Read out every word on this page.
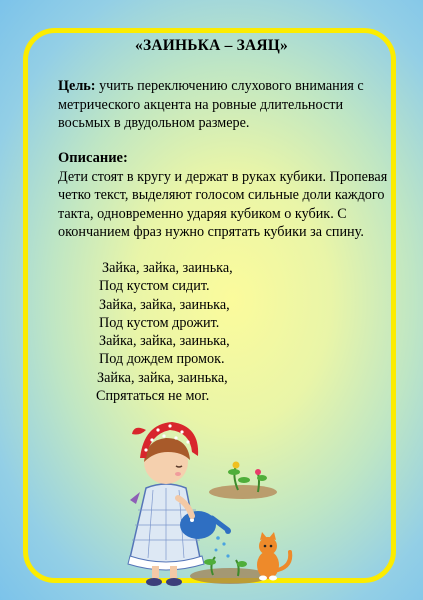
«ЗАИНЬКА – ЗАЯЦ»
Цель: учить переключению слухового внимания с метрического акцента на ровные длительности восьмых в двудольном размере.
Описание:
Дети стоят в кругу и держат в руках кубики. Пропевая четко текст, выделяют голосом сильные доли каждого такта, одновременно ударяя кубиком о кубик. С окончанием фраз нужно спрятать кубики за спину.
Зайка, зайка, заинька,
Под кустом сидит.
Зайка, зайка, заинька,
Под кустом дрожит.
Зайка, зайка, заинька,
Под дождем промок.
Зайка, зайка, заинька,
Спрятаться не мог.
